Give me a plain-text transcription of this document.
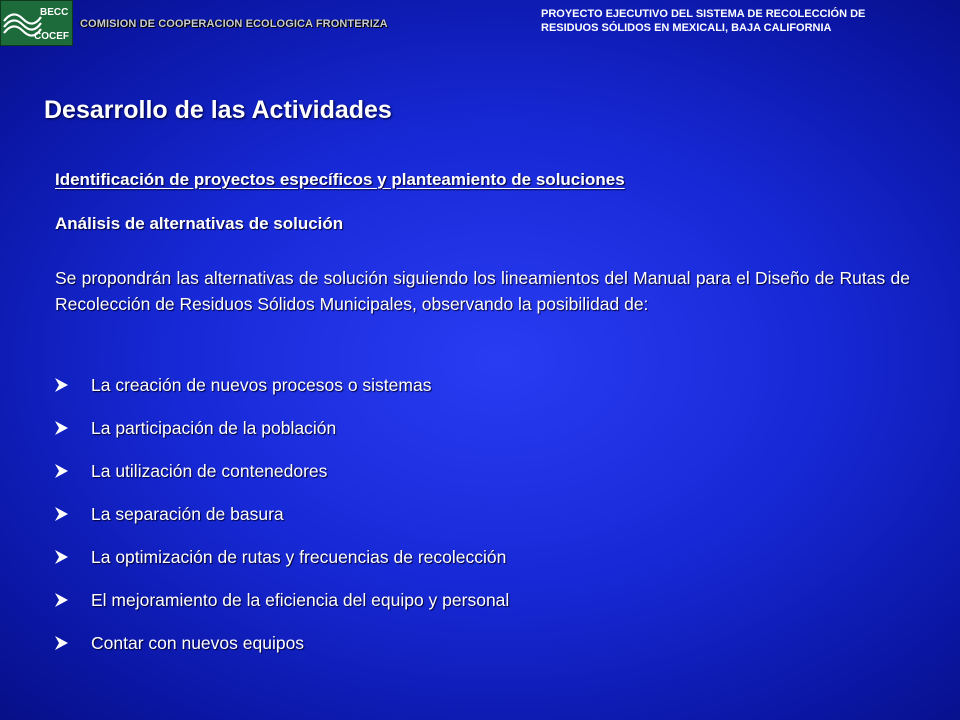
BECC
COCEF
COMISION DE COOPERACION ECOLOGICA FRONTERIZA
PROYECTO EJECUTIVO DEL SISTEMA DE RECOLECCIÓN DE
RESIDUOS SÓLIDOS EN MEXICALI, BAJA CALIFORNIA
Desarrollo de las Actividades
Identificación de proyectos específicos y planteamiento de soluciones
Análisis de alternativas de solución
Se propondrán las alternativas de solución siguiendo los lineamientos del Manual para el Diseño de Rutas de Recolección de Residuos Sólidos Municipales, observando la posibilidad de:
La creación de nuevos procesos o sistemas
La participación de la población
La utilización de contenedores
La separación de basura
La optimización de rutas y frecuencias de recolección
El mejoramiento de la eficiencia del equipo y personal
Contar con nuevos equipos
